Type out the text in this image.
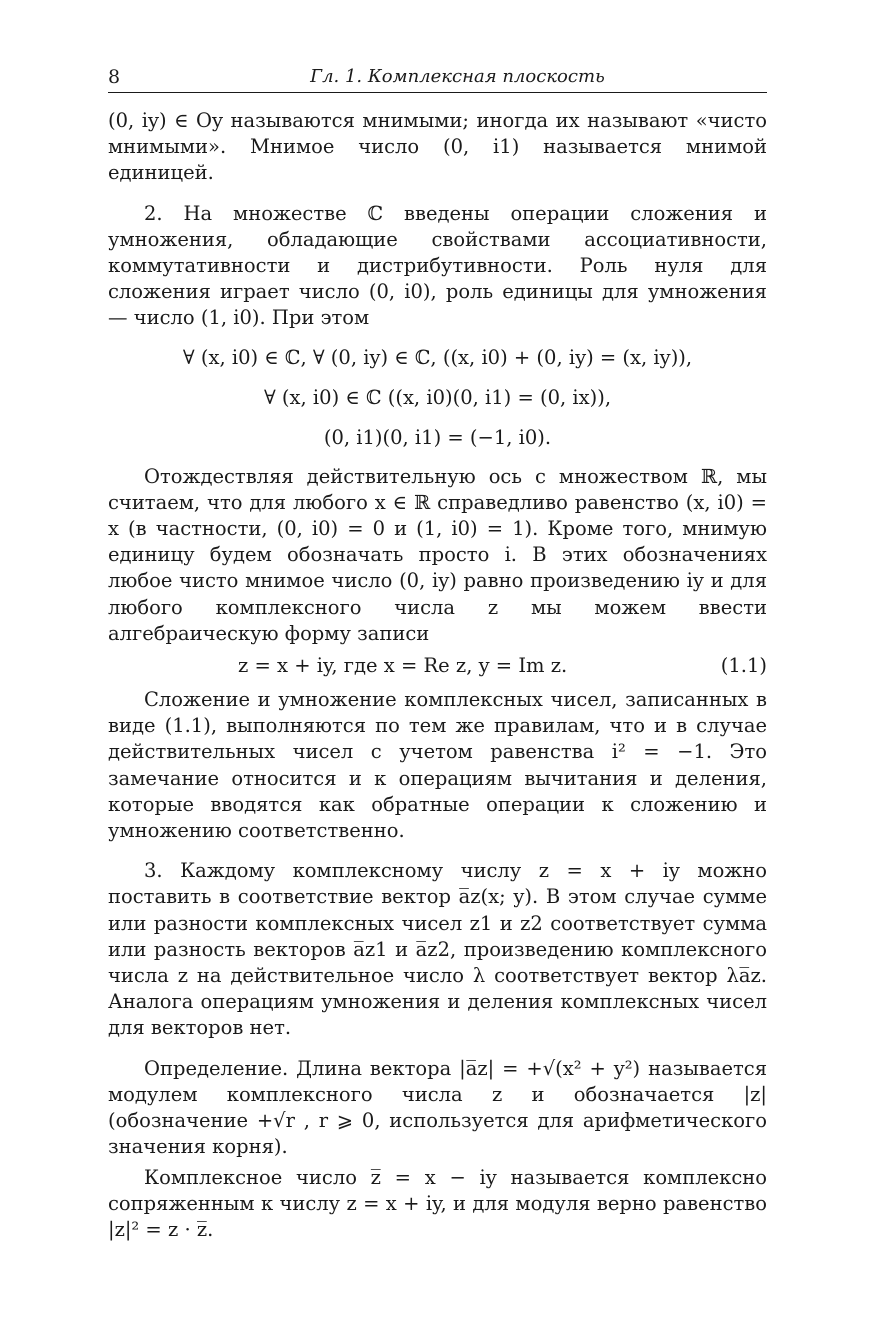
8	Гл. 1. Комплексная плоскость

(0, iy) ∈ Oy называются мнимыми; иногда их называют «чисто мнимыми». Мнимое число (0, i1) называется мнимой единицей.

2. На множестве ℂ введены операции сложения и умножения, обладающие свойствами ассоциативности, коммутативности и дистрибутивности. Роль нуля для сложения играет число (0, i0), роль единицы для умножения — число (1, i0). При этом

∀ (x, i0) ∈ ℂ, ∀ (0, iy) ∈ ℂ, ((x, i0) + (0, iy) = (x, iy)),
∀ (x, i0) ∈ ℂ ((x, i0)(0, i1) = (0, ix)),
(0, i1)(0, i1) = (−1, i0).

Отождествляя действительную ось с множеством ℝ, мы считаем, что для любого x ∈ ℝ справедливо равенство (x, i0) = x (в частности, (0, i0) = 0 и (1, i0) = 1). Кроме того, мнимую единицу будем обозначать просто i. В этих обозначениях любое чисто мнимое число (0, iy) равно произведению iy и для любого комплексного числа z мы можем ввести алгебраическую форму записи

z = x + iy, где x = Re z, y = Im z.	(1.1)

Сложение и умножение комплексных чисел, записанных в виде (1.1), выполняются по тем же правилам, что и в случае действительных чисел с учетом равенства i² = −1. Это замечание относится и к операциям вычитания и деления, которые вводятся как обратные операции к сложению и умножению соответственно.

3. Каждому комплексному числу z = x + iy можно поставить в соответствие вектор a̅z(x; y). В этом случае сумме или разности комплексных чисел z1 и z2 соответствует сумма или разность векторов a̅z1 и a̅z2, произведению комплексного числа z на действительное число λ соответствует вектор λa̅z. Аналога операциям умножения и деления комплексных чисел для векторов нет.

Определение. Длина вектора |a̅z| = +√(x² + y²) называется модулем комплексного числа z и обозначается |z| (обозначение +√r , r ⩾ 0, используется для арифметического значения корня).

Комплексное число z̅ = x − iy называется комплексно сопряженным к числу z = x + iy, и для модуля верно равенство |z|² = z · z̅.
